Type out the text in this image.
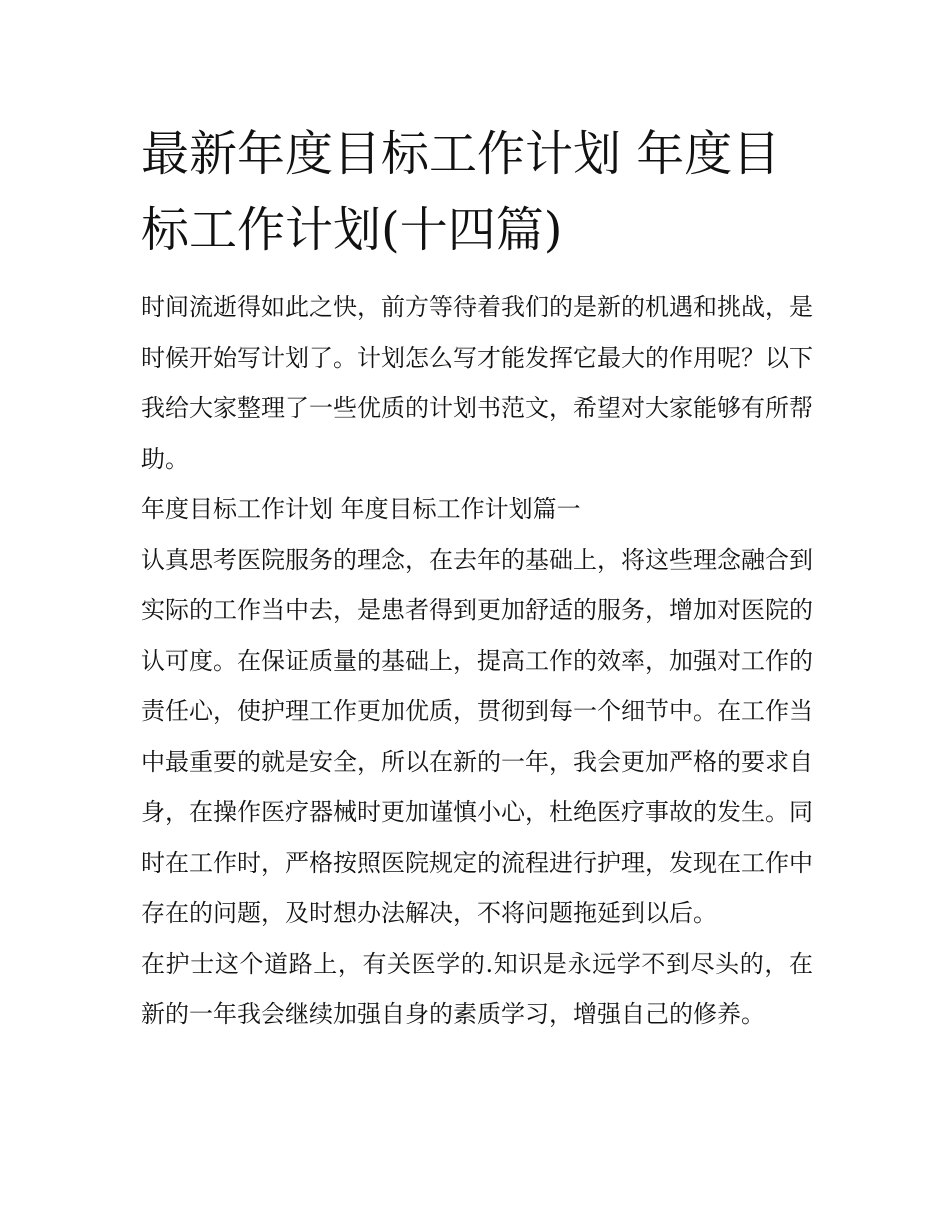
最新年度目标工作计划 年度目标工作计划(十四篇)

时间流逝得如此之快，前方等待着我们的是新的机遇和挑战，是时候开始写计划了。计划怎么写才能发挥它最大的作用呢？以下我给大家整理了一些优质的计划书范文，希望对大家能够有所帮助。

年度目标工作计划 年度目标工作计划篇一

认真思考医院服务的理念，在去年的基础上，将这些理念融合到实际的工作当中去，是患者得到更加舒适的服务，增加对医院的认可度。在保证质量的基础上，提高工作的效率，加强对工作的责任心，使护理工作更加优质，贯彻到每一个细节中。在工作当中最重要的就是安全，所以在新的一年，我会更加严格的要求自身，在操作医疗器械时更加谨慎小心，杜绝医疗事故的发生。同时在工作时，严格按照医院规定的流程进行护理，发现在工作中存在的问题，及时想办法解决，不将问题拖延到以后。

在护士这个道路上，有关医学的.知识是永远学不到尽头的，在新的一年我会继续加强自身的素质学习，增强自己的修养。
